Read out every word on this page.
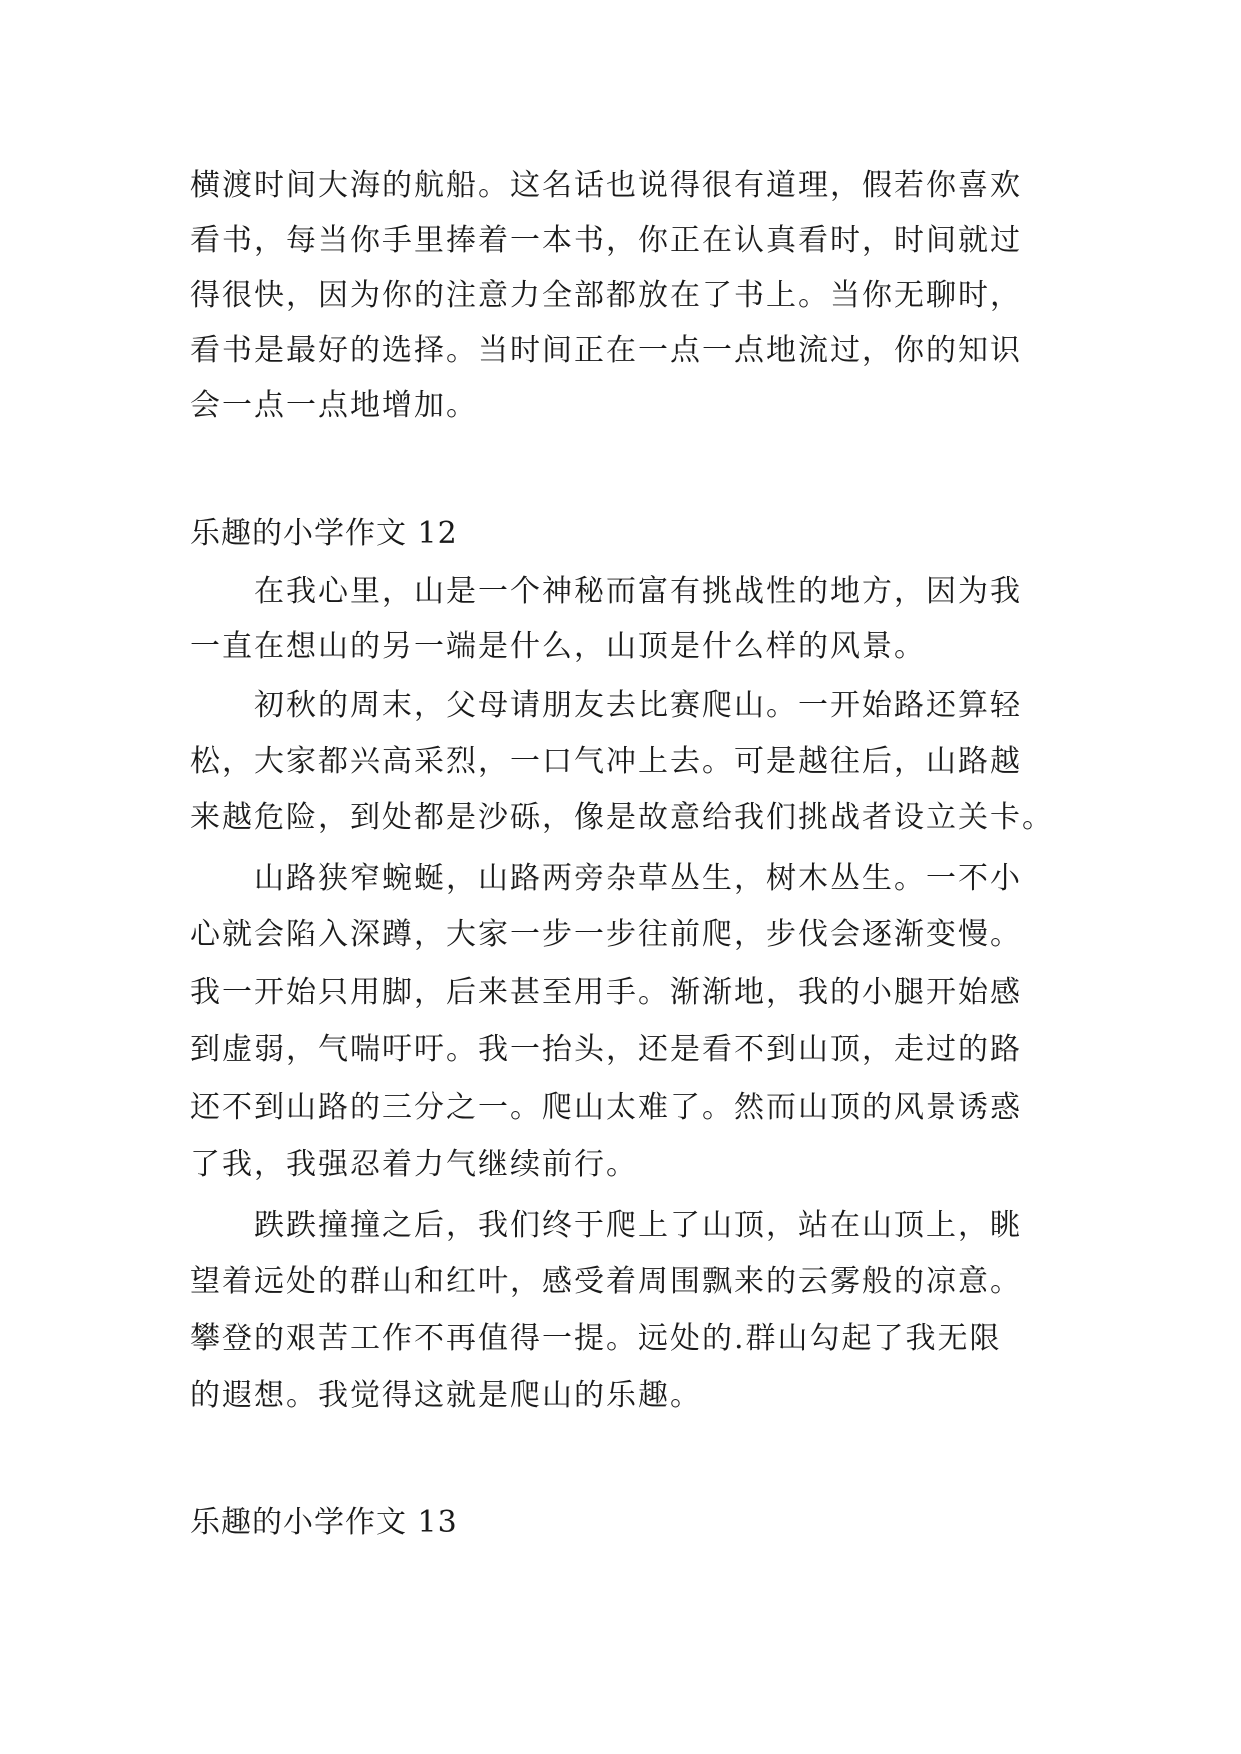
横渡时间大海的航船。这名话也说得很有道理，假若你喜欢
看书，每当你手里捧着一本书，你正在认真看时，时间就过
得很快，因为你的注意力全部都放在了书上。当你无聊时，
看书是最好的选择。当时间正在一点一点地流过，你的知识
会一点一点地增加。
乐趣的小学作文 12
　　在我心里，山是一个神秘而富有挑战性的地方，因为我
一直在想山的另一端是什么，山顶是什么样的风景。
　　初秋的周末，父母请朋友去比赛爬山。一开始路还算轻
松，大家都兴高采烈，一口气冲上去。可是越往后，山路越
来越危险，到处都是沙砾，像是故意给我们挑战者设立关卡。
　　山路狭窄蜿蜒，山路两旁杂草丛生，树木丛生。一不小
心就会陷入深蹲，大家一步一步往前爬，步伐会逐渐变慢。
我一开始只用脚，后来甚至用手。渐渐地，我的小腿开始感
到虚弱，气喘吁吁。我一抬头，还是看不到山顶，走过的路
还不到山路的三分之一。爬山太难了。然而山顶的风景诱惑
了我，我强忍着力气继续前行。
　　跌跌撞撞之后，我们终于爬上了山顶，站在山顶上，眺
望着远处的群山和红叶，感受着周围飘来的云雾般的凉意。
攀登的艰苦工作不再值得一提。远处的.群山勾起了我无限
的遐想。我觉得这就是爬山的乐趣。
乐趣的小学作文 13
